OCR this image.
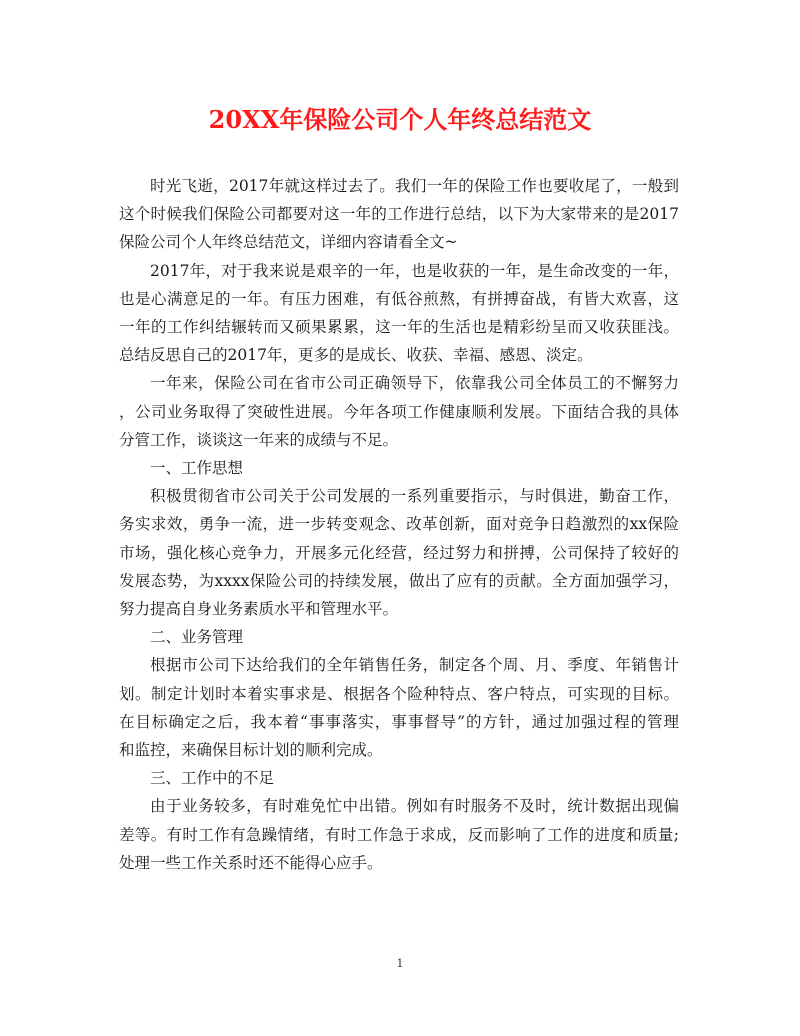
20XX年保险公司个人年终总结范文
时光飞逝，2017年就这样过去了。我们一年的保险工作也要收尾了，一般到
这个时候我们保险公司都要对这一年的工作进行总结，以下为大家带来的是2017
保险公司个人年终总结范文，详细内容请看全文~
2017年，对于我来说是艰辛的一年，也是收获的一年，是生命改变的一年，
也是心满意足的一年。有压力困难，有低谷煎熬，有拼搏奋战，有皆大欢喜，这
一年的工作纠结辗转而又硕果累累，这一年的生活也是精彩纷呈而又收获匪浅。
总结反思自己的2017年，更多的是成长、收获、幸福、感恩、淡定。
一年来，保险公司在省市公司正确领导下，依靠我公司全体员工的不懈努力
，公司业务取得了突破性进展。今年各项工作健康顺利发展。下面结合我的具体
分管工作，谈谈这一年来的成绩与不足。
一、工作思想
积极贯彻省市公司关于公司发展的一系列重要指示，与时俱进，勤奋工作，
务实求效，勇争一流，进一步转变观念、改革创新，面对竞争日趋激烈的xx保险
市场，强化核心竞争力，开展多元化经营，经过努力和拼搏，公司保持了较好的
发展态势，为xxxx保险公司的持续发展，做出了应有的贡献。全方面加强学习，
努力提高自身业务素质水平和管理水平。
二、业务管理
根据市公司下达给我们的全年销售任务，制定各个周、月、季度、年销售计
划。制定计划时本着实事求是、根据各个险种特点、客户特点，可实现的目标。
在目标确定之后，我本着“事事落实，事事督导”的方针，通过加强过程的管理
和监控，来确保目标计划的顺利完成。
三、工作中的不足
由于业务较多，有时难免忙中出错。例如有时服务不及时，统计数据出现偏
差等。有时工作有急躁情绪，有时工作急于求成，反而影响了工作的进度和质量;
处理一些工作关系时还不能得心应手。
1
